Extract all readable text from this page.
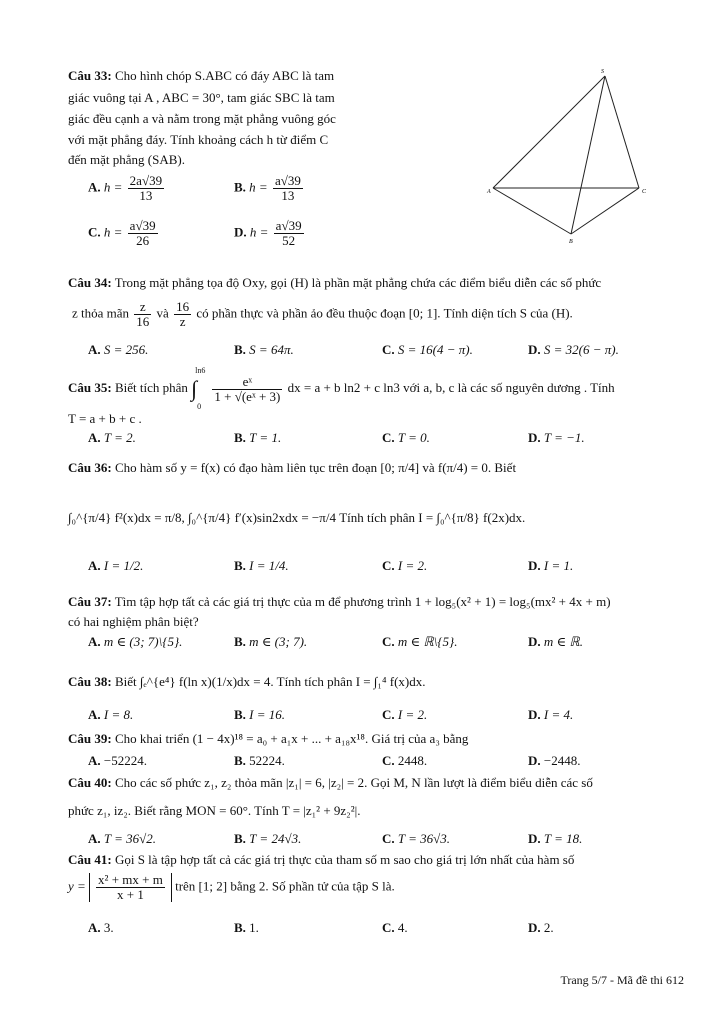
S
A
B
C
Câu 33: Cho hình chóp S.ABC có đáy ABC là tam
giác vuông tại A , ABC = 30°, tam giác SBC là tam
giác đều cạnh a và nằm trong mặt phẳng vuông góc
với mặt phẳng đáy. Tính khoảng cách h từ điểm C
đến mặt phẳng (SAB).
A. $h = \frac{2a√39}{13}$	B. $h = \frac{a√39}{13}$
C. $h = \frac{a√39}{26}$	D. $h = \frac{a√39}{52}$
Câu 34: Trong mặt phẳng tọa độ Oxy, gọi (H) là phần mặt phẳng chứa các điểm biểu diễn các số phức
z thỏa mãn $\frac{z}{16}$ và $\frac{16}{z}$ có phần thực và phần ảo đều thuộc đoạn [0; 1]. Tính diện tích S của (H).
A. S = 256.	B. S = 64π.	C. S = 16(4 − π).	D. S = 32(6 − π).
Câu 35: Biết tích phân ∫
ln6
0

$\frac{\text{eˣ}}{\text{1 + √(eˣ + 3)}}$ dx = a + b ln2 + c ln3 với a, b, c là các số nguyên dương . Tính
T = a + b + c .
A. T = 2.	B. T = 1.	C. T = 0.	D. T = −1.
Câu 36: Cho hàm số y = f(x) có đạo hàm liên tục trên đoạn [0; π/4] và f(π/4) = 0. Biết
∫₀^{π/4} f²(x)dx = π/8, ∫₀^{π/4} f′(x)sin2xdx = −π/4 Tính tích phân I = ∫₀^{π/8} f(2x)dx.
A. I = 1/2.	B. I = 1/4.	C. I = 2.	D. I = 1.
Câu 37: Tìm tập hợp tất cả các giá trị thực của m để phương trình 1 + log₅(x² + 1) = log₅(mx² + 4x + m)
có hai nghiệm phân biệt?
A. m ∈ (3; 7)\{5}.	B. m ∈ (3; 7).	C. m ∈ ℝ\{5}.	D. m ∈ ℝ.
Câu 38: Biết ∫ₑ^{e⁴} f(ln x)(1/x)dx = 4. Tính tích phân I = ∫₁⁴ f(x)dx.
A. I = 8.	B. I = 16.	C. I = 2.	D. I = 4.
Câu 39: Cho khai triển (1 − 4x)¹⁸ = a₀ + a₁x + ... + a₁₈x¹⁸. Giá trị của a₃ bằng
A. −52224.	B. 52224.	C. 2448.	D. −2448.
Câu 40: Cho các số phức z₁, z₂ thỏa mãn |z₁| = 6, |z₂| = 2. Gọi M, N lần lượt là điểm biểu diễn các số
phức z₁, iz₂. Biết rằng MON = 60°. Tính T = |z₁² + 9z₂²|.
A. T = 36√2.	B. T = 24√3.	C. T = 36√3.	D. T = 18.
Câu 41: Gọi S là tập hợp tất cả các giá trị thực của tham số m sao cho giá trị lớn nhất của hàm số
$y = \frac{\text{x² + mx + m}}{x + 1}$ trên [1; 2] bằng 2. Số phần tử của tập S là.
A. 3.	B. 1.	C. 4.	D. 2.
Trang 5/7 - Mã đề thi 612
